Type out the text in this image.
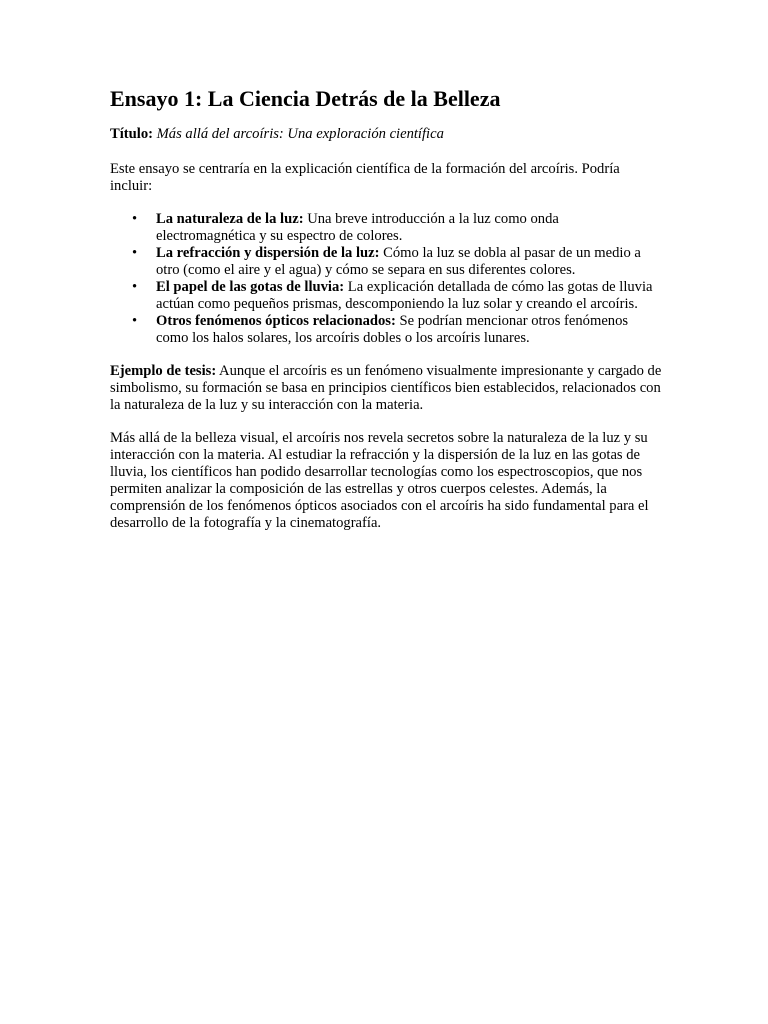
Ensayo 1: La Ciencia Detrás de la Belleza

Título: Más allá del arcoíris: Una exploración científica

Este ensayo se centraría en la explicación científica de la formación del arcoíris. Podría incluir:

• La naturaleza de la luz: Una breve introducción a la luz como onda electromagnética y su espectro de colores.
• La refracción y dispersión de la luz: Cómo la luz se dobla al pasar de un medio a otro (como el aire y el agua) y cómo se separa en sus diferentes colores.
• El papel de las gotas de lluvia: La explicación detallada de cómo las gotas de lluvia actúan como pequeños prismas, descomponiendo la luz solar y creando el arcoíris.
• Otros fenómenos ópticos relacionados: Se podrían mencionar otros fenómenos como los halos solares, los arcoíris dobles o los arcoíris lunares.

Ejemplo de tesis: Aunque el arcoíris es un fenómeno visualmente impresionante y cargado de simbolismo, su formación se basa en principios científicos bien establecidos, relacionados con la naturaleza de la luz y su interacción con la materia.

Más allá de la belleza visual, el arcoíris nos revela secretos sobre la naturaleza de la luz y su interacción con la materia. Al estudiar la refracción y la dispersión de la luz en las gotas de lluvia, los científicos han podido desarrollar tecnologías como los espectroscopios, que nos permiten analizar la composición de las estrellas y otros cuerpos celestes. Además, la comprensión de los fenómenos ópticos asociados con el arcoíris ha sido fundamental para el desarrollo de la fotografía y la cinematografía.
